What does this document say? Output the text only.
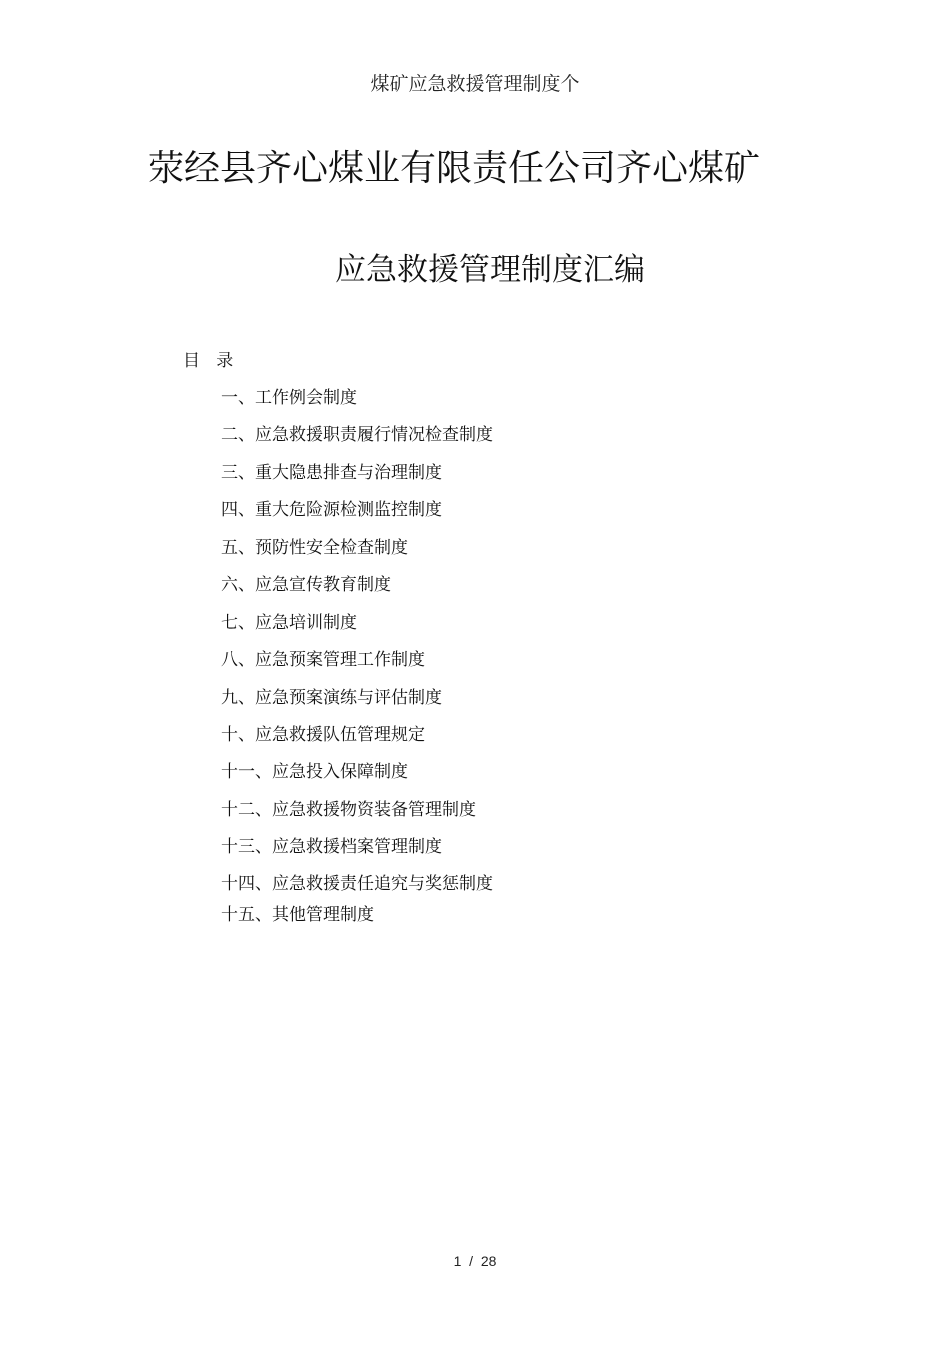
煤矿应急救援管理制度个
荥经县齐心煤业有限责任公司齐心煤矿
应急救援管理制度汇编
目   录
一、工作例会制度
二、应急救援职责履行情况检查制度
三、重大隐患排查与治理制度
四、重大危险源检测监控制度
五、预防性安全检查制度
六、应急宣传教育制度
七、应急培训制度
八、应急预案管理工作制度
九、应急预案演练与评估制度
十、应急救援队伍管理规定
十一、应急投入保障制度
十二、应急救援物资装备管理制度
十三、应急救援档案管理制度
十四、应急救援责任追究与奖惩制度
十五、其他管理制度
1  /  28
